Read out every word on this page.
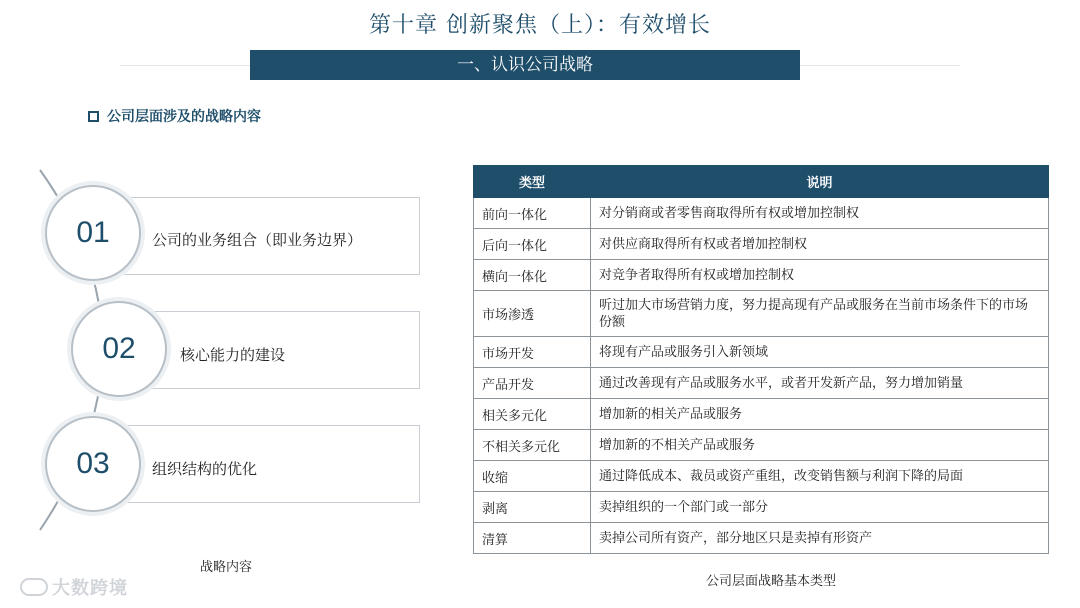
第十章 创新聚焦（上）：有效增长
一、认识公司战略
公司层面涉及的战略内容
公司的业务组合（即业务边界）
01
核心能力的建设
02
组织结构的优化
03
战略内容
类型	说明
前向一体化	对分销商或者零售商取得所有权或增加控制权
后向一体化	对供应商取得所有权或者增加控制权
横向一体化	对竞争者取得所有权或增加控制权
市场渗透	听过加大市场营销力度，努力提高现有产品或服务在当前市场条件下的市场份额
市场开发	将现有产品或服务引入新领域
产品开发	通过改善现有产品或服务水平，或者开发新产品，努力增加销量
相关多元化	增加新的相关产品或服务
不相关多元化	增加新的不相关产品或服务
收缩	通过降低成本、裁员或资产重组，改变销售额与利润下降的局面
剥离	卖掉组织的一个部门或一部分
清算	卖掉公司所有资产，部分地区只是卖掉有形资产
公司层面战略基本类型
大数跨境
